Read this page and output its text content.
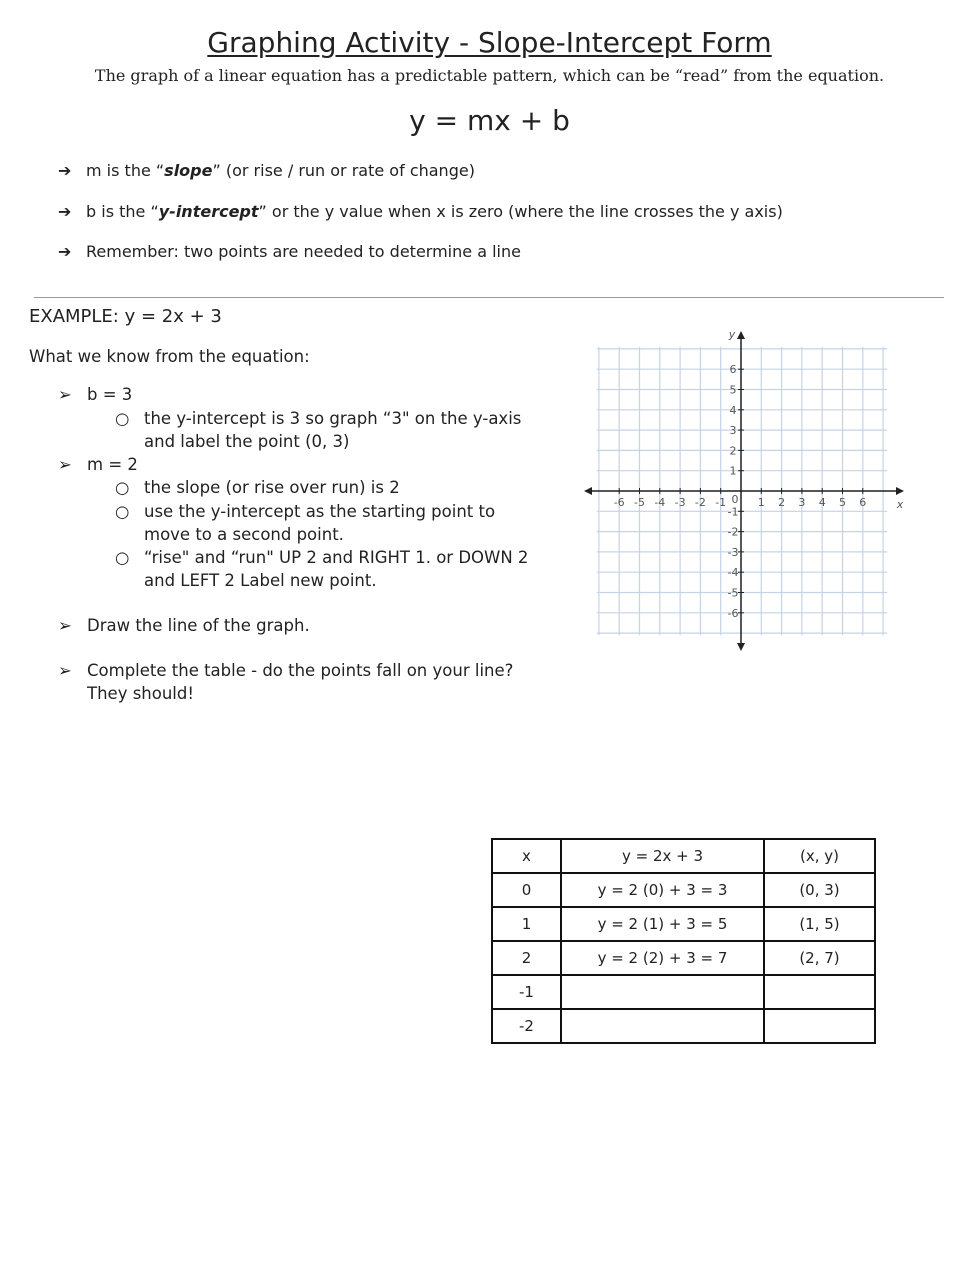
Graphing Activity - Slope-Intercept Form
The graph of a linear equation has a predictable pattern, which can be “read” from the equation.
y = mx + b
➔ m is the “slope” (or rise / run or rate of change)
➔ b is the “y-intercept” or the y value when x is zero (where the line crosses the y axis)
➔ Remember: two points are needed to determine a line
EXAMPLE: y = 2x + 3
What we know from the equation:
➢ b = 3
○ the y-intercept is 3 so graph “3" on the y-axis
and label the point (0, 3)
➢ m = 2
○ the slope (or rise over run) is 2
○ use the y-intercept as the starting point to
move to a second point.
○ “rise" and “run" UP 2 and RIGHT 1. or DOWN 2
and LEFT 2 Label new point.
➢ Draw the line of the graph.
➢ Complete the table - do the points fall on your line?
They should!
-6 -5 -4 -3 -2 -1	1 2 3 4 5 6
6
5
4
3
2
1
-1
-2
-3
-4
-5
-6
0	x
y
x	y = 2x + 3	(x, y)
0	y = 2 (0) + 3 = 3	(0, 3)
1	y = 2 (1) + 3 = 5	(1, 5)
2	y = 2 (2) + 3 = 7	(2, 7)
-1		
-2		
